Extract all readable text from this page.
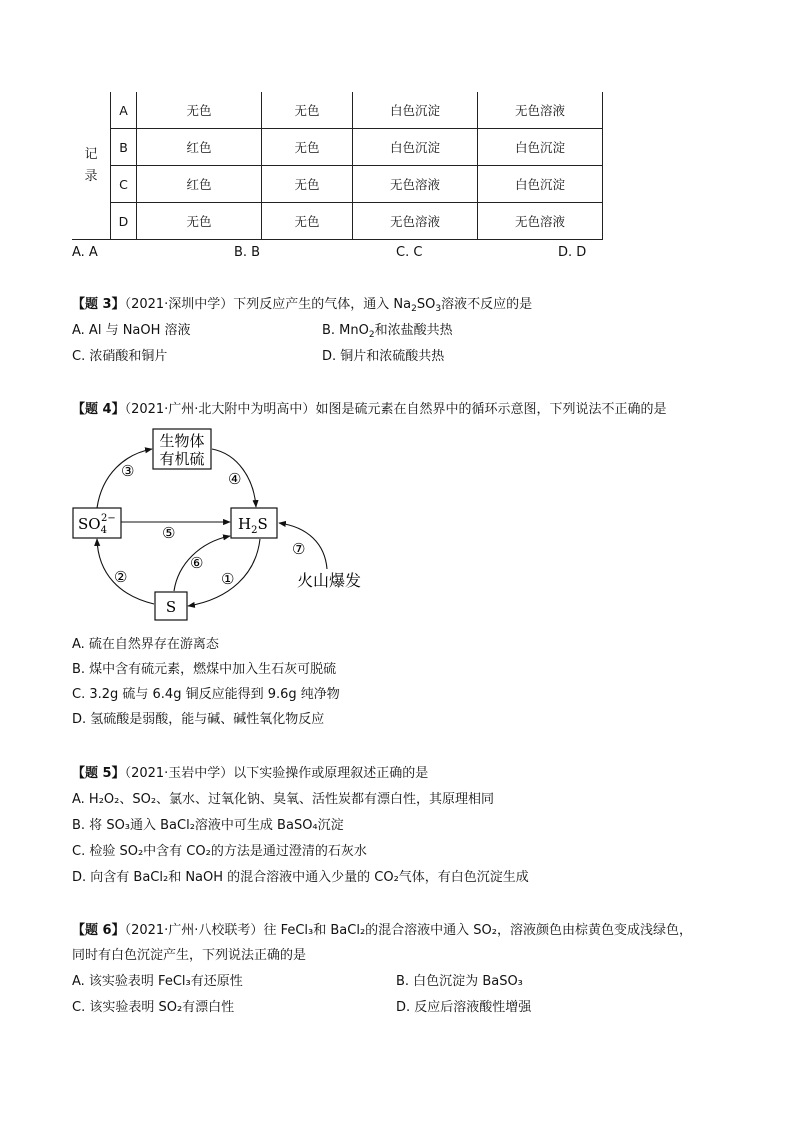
记
录	A	无色	无色	白色沉淀	无色溶液
	B	红色	无色	白色沉淀	白色沉淀
	C	红色	无色	无色溶液	白色沉淀
	D	无色	无色	无色溶液	无色溶液
A. A	B. B	C. C	D. D
【题 3】（2021·深圳中学）下列反应产生的气体，通入 $Na_2SO_3$溶液不反应的是
A. Al 与 NaOH 溶液	B. MnO$_2$和浓盐酸共热
C. 浓硝酸和铜片	D. 铜片和浓硫酸共热
【题 4】（2021·广州·北大附中为明高中）如图是硫元素在自然界中的循环示意图，下列说法不正确的是
生物体
有机硫
$SO_42-$	$H_2S$
S
③	④
⑤
②
⑥
①
⑦
火山爆发
A. 硫在自然界存在游离态
B. 煤中含有硫元素，燃煤中加入生石灰可脱硫
C. 3.2g 硫与 6.4g 铜反应能得到 9.6g 纯净物
D. 氢硫酸是弱酸，能与碱、碱性氧化物反应
【题 5】（2021·玉岩中学）以下实验操作或原理叙述正确的是
A. H₂O₂、SO₂、氯水、过氧化钠、臭氧、活性炭都有漂白性，其原理相同
B. 将 SO₃通入 BaCl₂溶液中可生成 BaSO₄沉淀
C. 检验 SO₂中含有 CO₂的方法是通过澄清的石灰水
D. 向含有 BaCl₂和 NaOH 的混合溶液中通入少量的 CO₂气体，有白色沉淀生成
【题 6】（2021·广州·八校联考）往 FeCl₃和 BaCl₂的混合溶液中通入 SO₂，溶液颜色由棕黄色变成浅绿色，
同时有白色沉淀产生，下列说法正确的是
A. 该实验表明 FeCl₃有还原性	B. 白色沉淀为 BaSO₃
C. 该实验表明 SO₂有漂白性	D. 反应后溶液酸性增强
